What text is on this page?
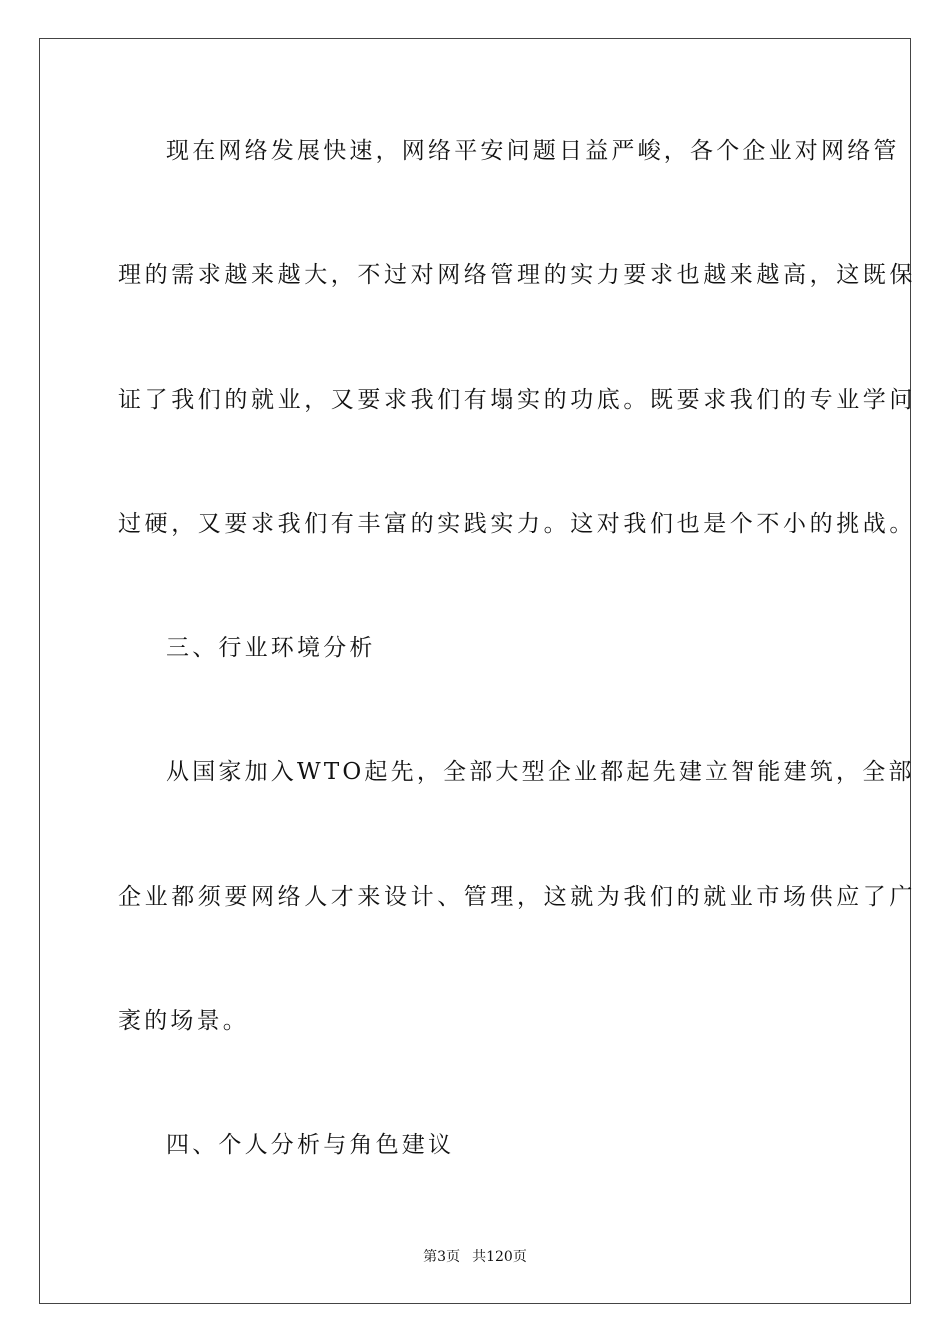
现在网络发展快速，网络平安问题日益严峻，各个企业对网络管
理的需求越来越大，不过对网络管理的实力要求也越来越高，这既保
证了我们的就业，又要求我们有塌实的功底。既要求我们的专业学问
过硬，又要求我们有丰富的实践实力。这对我们也是个不小的挑战。
三、行业环境分析
从国家加入WTO起先，全部大型企业都起先建立智能建筑，全部
企业都须要网络人才来设计、管理，这就为我们的就业市场供应了广
袤的场景。
四、个人分析与角色建议
第3页 共120页
